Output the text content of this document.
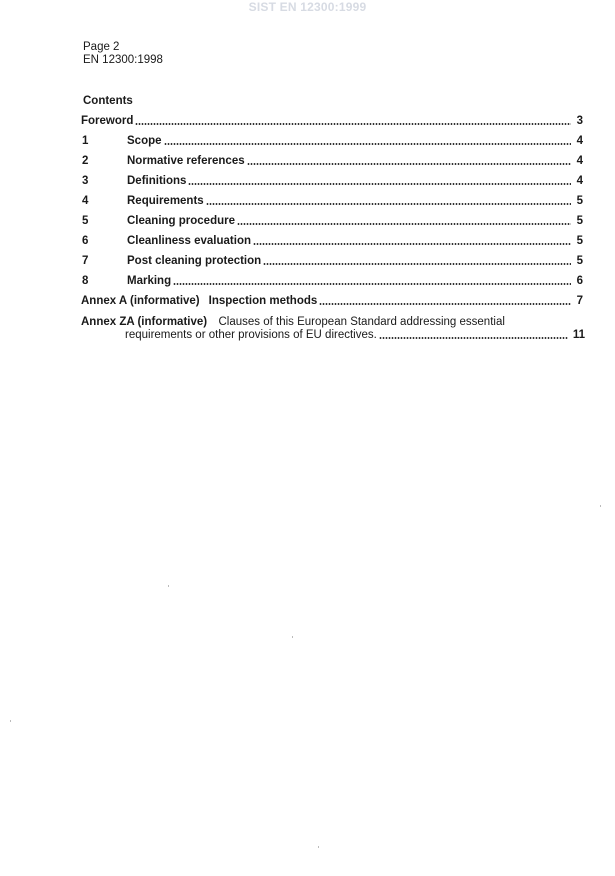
SIST EN 12300:1999
Page 2
EN 12300:1998
Contents
Foreword	3
1	Scope	4
2	Normative references	4
3	Definitions	4
4	Requirements	5
5	Cleaning procedure	5
6	Cleanliness evaluation	5
7	Post cleaning protection	5
8	Marking	6
Annex A (informative) Inspection methods	7
Annex ZA (informative) Clauses of this European Standard addressing essential
requirements or other provisions of EU directives.	11
